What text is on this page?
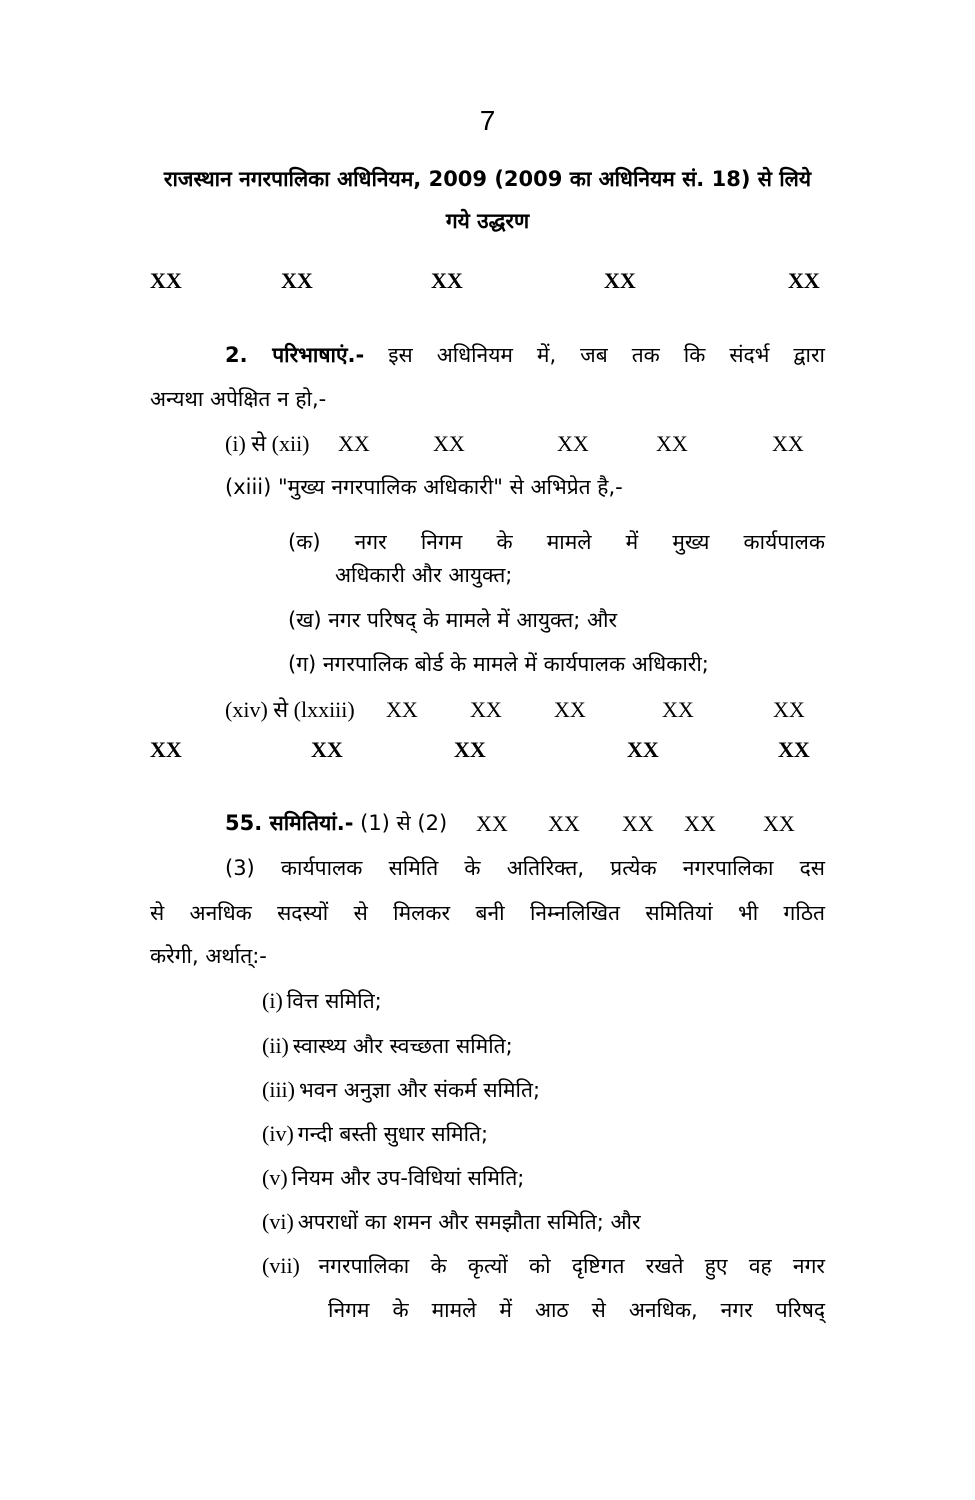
7
राजस्थान नगरपालिका अधिनियम, 2009 (2009 का अधिनियम सं. 18) से लिये गये उद्धरण
XX	XX	XX	XX	XX
2. परिभाषाएं.- इस अधिनियम में, जब तक कि संदर्भ द्वारा
अन्यथा अपेक्षित न हो,-
(i) से (xii) XX	XX	XX	XX	XX
(xiii) "मुख्य नगरपालिक अधिकारी" से अभिप्रेत है,-
(क) नगर निगम के मामले में मुख्य कार्यपालक
अधिकारी और आयुक्त;
(ख) नगर परिषद् के मामले में आयुक्त; और
(ग) नगरपालिक बोर्ड के मामले में कार्यपालक अधिकारी;
(xiv) से (lxxiii) XX XX XX	XX	XX
XX	XX	XX	XX	XX
55. समितियां.- (1) से (2) XX XX XX XX XX
(3) कार्यपालक समिति के अतिरिक्त, प्रत्येक नगरपालिका दस
से अनधिक सदस्यों से मिलकर बनी निम्नलिखित समितियां भी गठित
करेगी, अर्थात्:-
(i) वित्त समिति;
(ii) स्वास्थ्य और स्वच्छता समिति;
(iii) भवन अनुज्ञा और संकर्म समिति;
(iv) गन्दी बस्ती सुधार समिति;
(v) नियम और उप-विधियां समिति;
(vi) अपराधों का शमन और समझौता समिति; और
(vii) नगरपालिका के कृत्यों को दृष्टिगत रखते हुए वह नगर
निगम के मामले में आठ से अनधिक, नगर परिषद्
